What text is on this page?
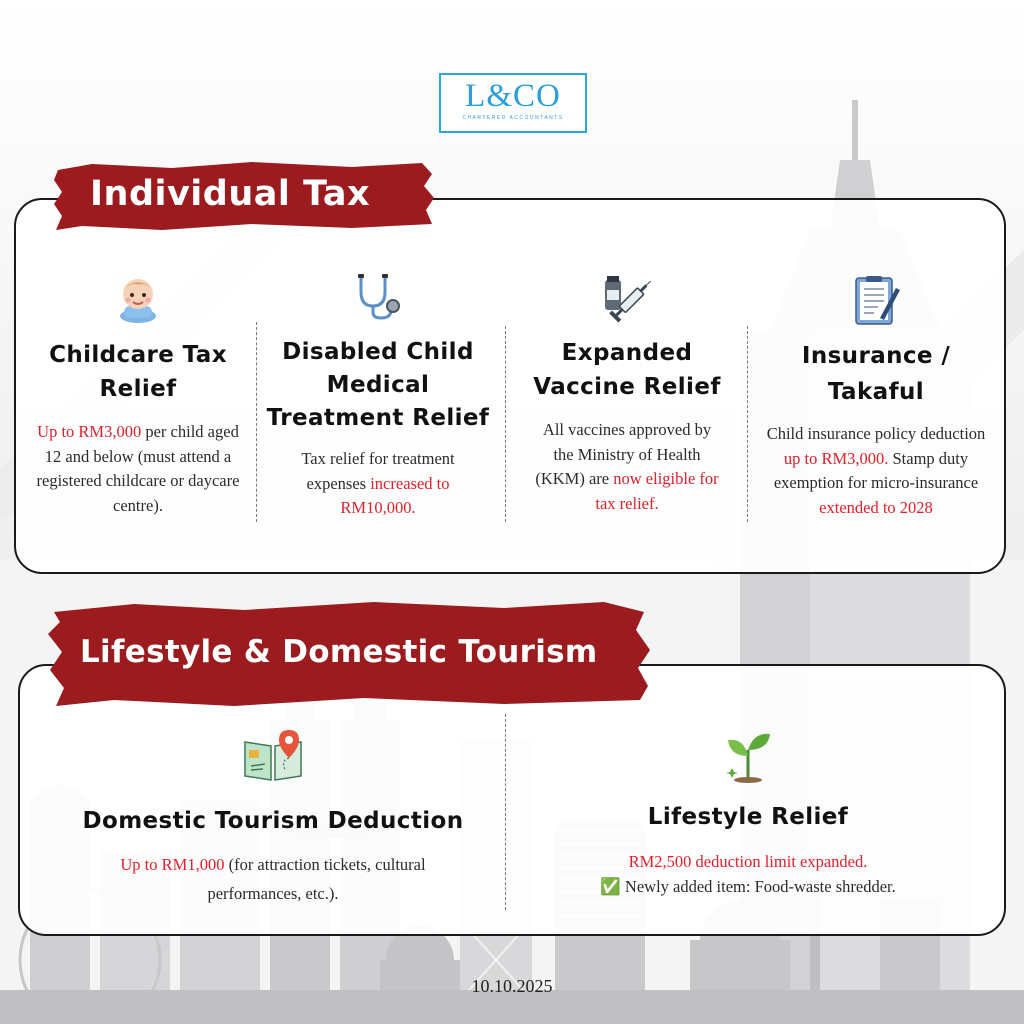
L&CO
CHARTERED ACCOUNTANTS
Individual Tax
Childcare Tax
Relief
Up to RM3,000 per child aged 12 and below (must attend a registered childcare or daycare centre).
Disabled Child
Medical
Treatment Relief
Tax relief for treatment expenses increased to RM10,000.
Expanded
Vaccine Relief
All vaccines approved by the Ministry of Health (KKM) are now eligible for tax relief.
Insurance /
Takaful
Child insurance policy deduction up to RM3,000. Stamp duty exemption for micro-insurance extended to 2028
Lifestyle & Domestic Tourism
Domestic Tourism Deduction
Up to RM1,000 (for attraction tickets, cultural performances, etc.).
Lifestyle Relief
RM2,500 deduction limit expanded.
✅ Newly added item: Food-waste shredder.
10.10.2025
